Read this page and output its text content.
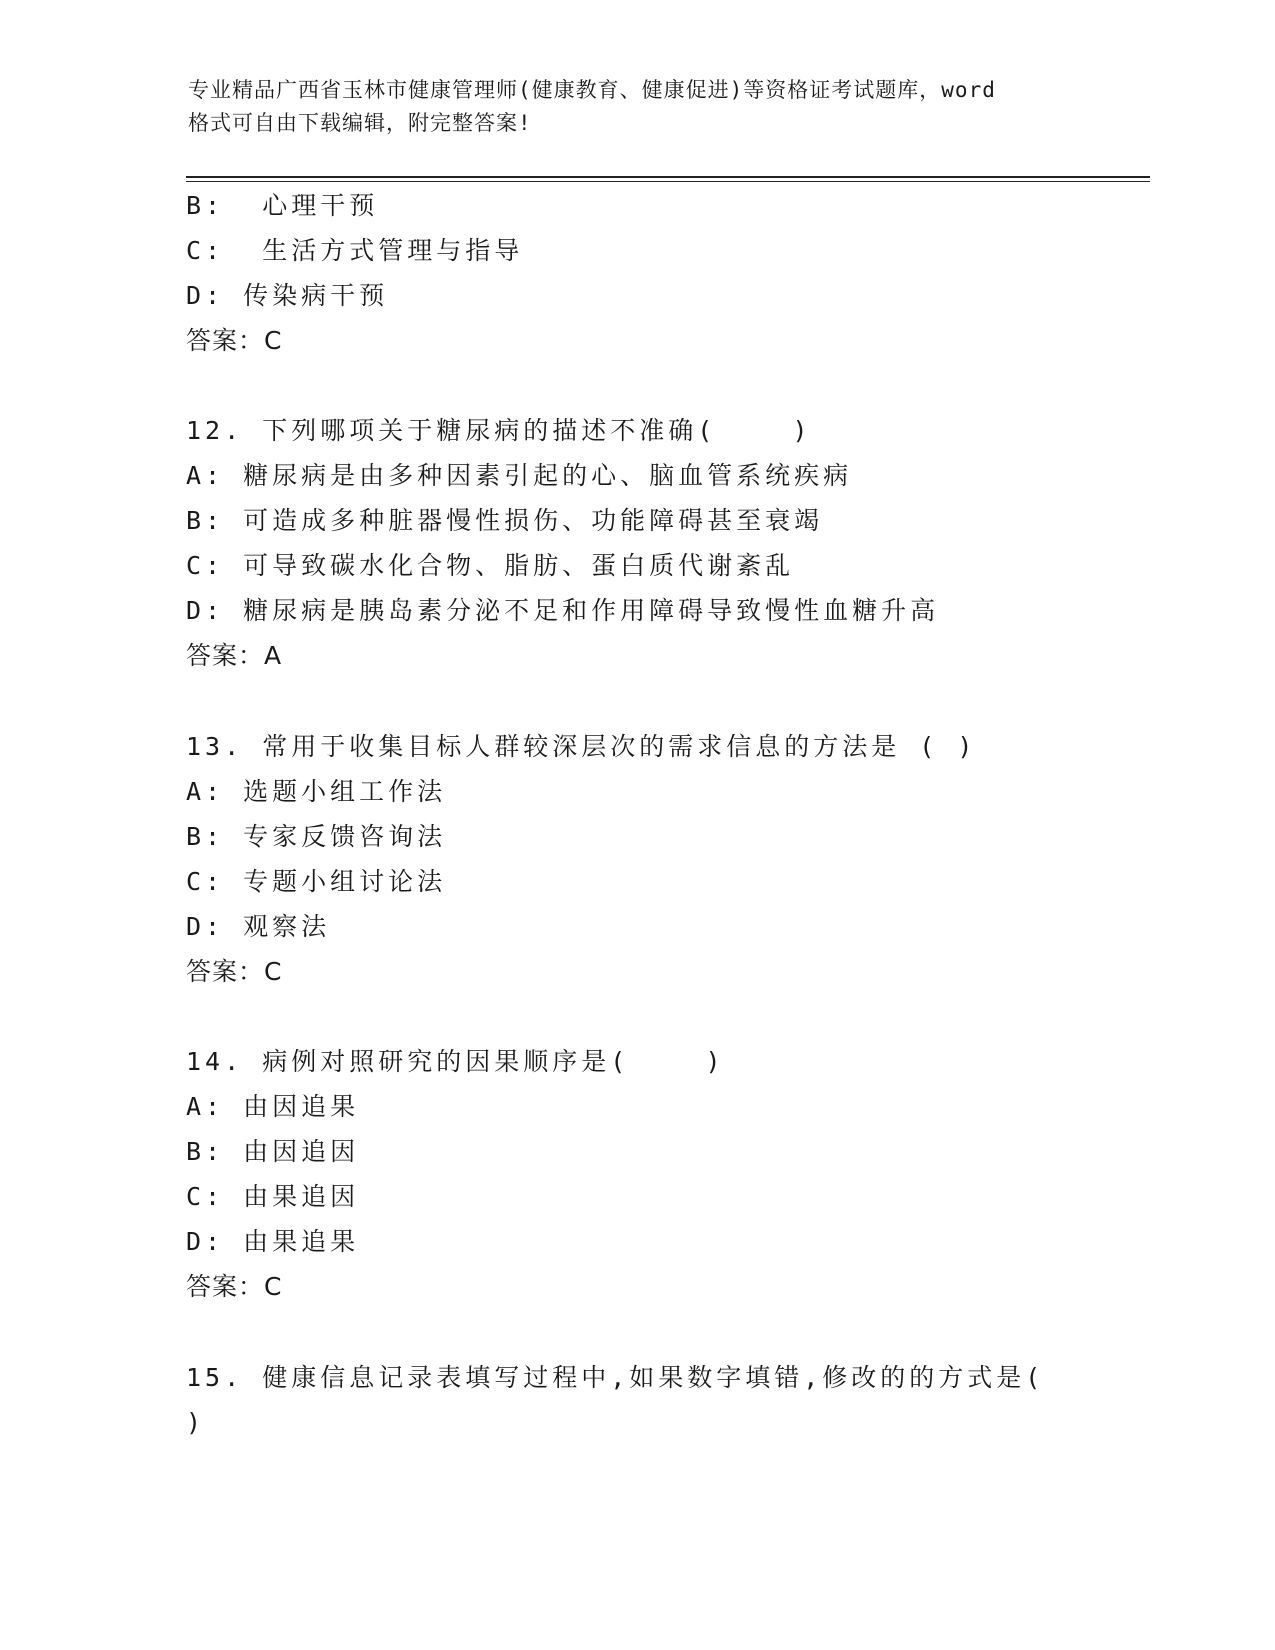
专业精品广西省玉林市健康管理师(健康教育、健康促进)等资格证考试题库，word
格式可自由下载编辑，附完整答案!
B:  心理干预
C:  生活方式管理与指导
D: 传染病干预
答案：C
12. 下列哪项关于糖尿病的描述不准确(    )
A: 糖尿病是由多种因素引起的心、脑血管系统疾病
B: 可造成多种脏器慢性损伤、功能障碍甚至衰竭
C: 可导致碳水化合物、脂肪、蛋白质代谢紊乱
D: 糖尿病是胰岛素分泌不足和作用障碍导致慢性血糖升高
答案：A
13. 常用于收集目标人群较深层次的需求信息的方法是 ( )
A: 选题小组工作法
B: 专家反馈咨询法
C: 专题小组讨论法
D: 观察法
答案：C
14. 病例对照研究的因果顺序是(    )
A: 由因追果
B: 由因追因
C: 由果追因
D: 由果追果
答案：C
15. 健康信息记录表填写过程中,如果数字填错,修改的的方式是(
)
